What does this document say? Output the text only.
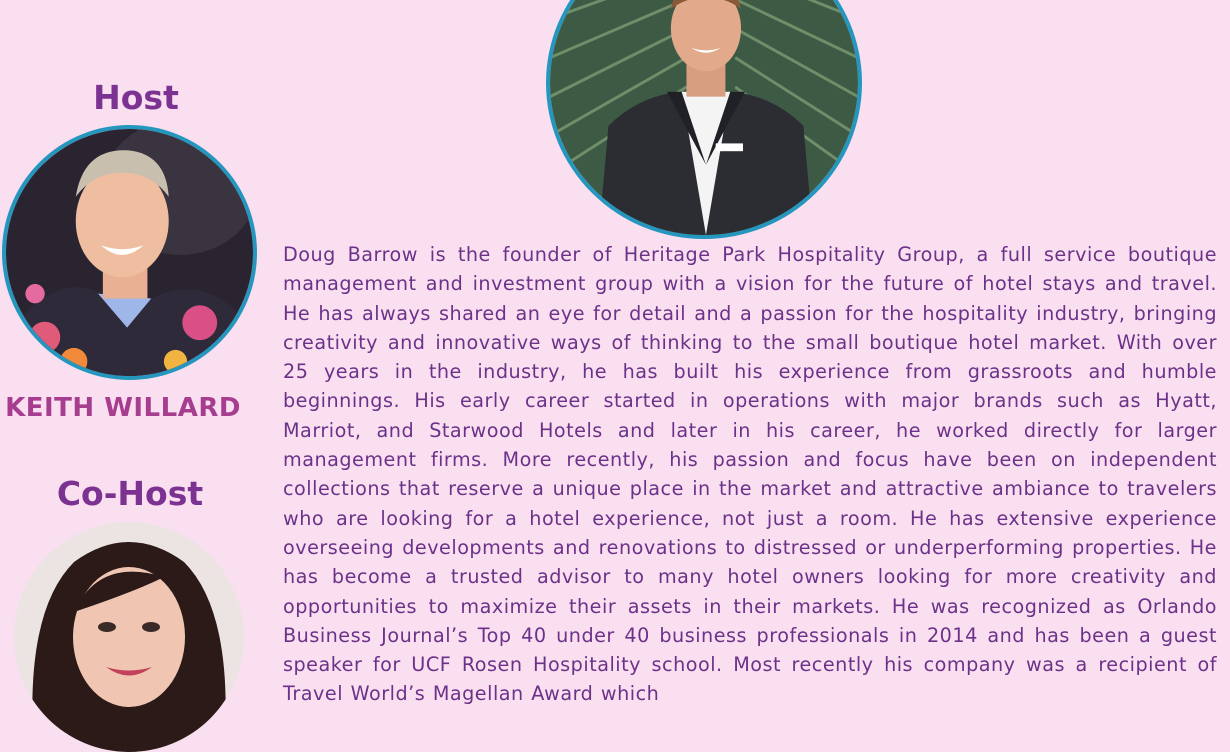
Host
KEITH WILLARD
Co-Host

Doug Barrow is the founder of Heritage Park Hospitality Group, a full service boutique management and investment group with a vision for the future of hotel stays and travel. He has always shared an eye for detail and a passion for the hospitality industry, bringing creativity and innovative ways of thinking to the small boutique hotel market. With over 25 years in the industry, he has built his experience from grassroots and humble beginnings. His early career started in operations with major brands such as Hyatt, Marriot, and Starwood Hotels and later in his career, he worked directly for larger management firms. More recently, his passion and focus have been on independent collections that reserve a unique place in the market and attractive ambiance to travelers who are looking for a hotel experience, not just a room. He has extensive experience overseeing developments and renovations to distressed or underperforming properties. He has become a trusted advisor to many hotel owners looking for more creativity and opportunities to maximize their assets in their markets. He was recognized as Orlando Business Journal’s Top 40 under 40 business professionals in 2014 and has been a guest speaker for UCF Rosen Hospitality school. Most recently his company was a recipient of Travel World’s Magellan Award which
